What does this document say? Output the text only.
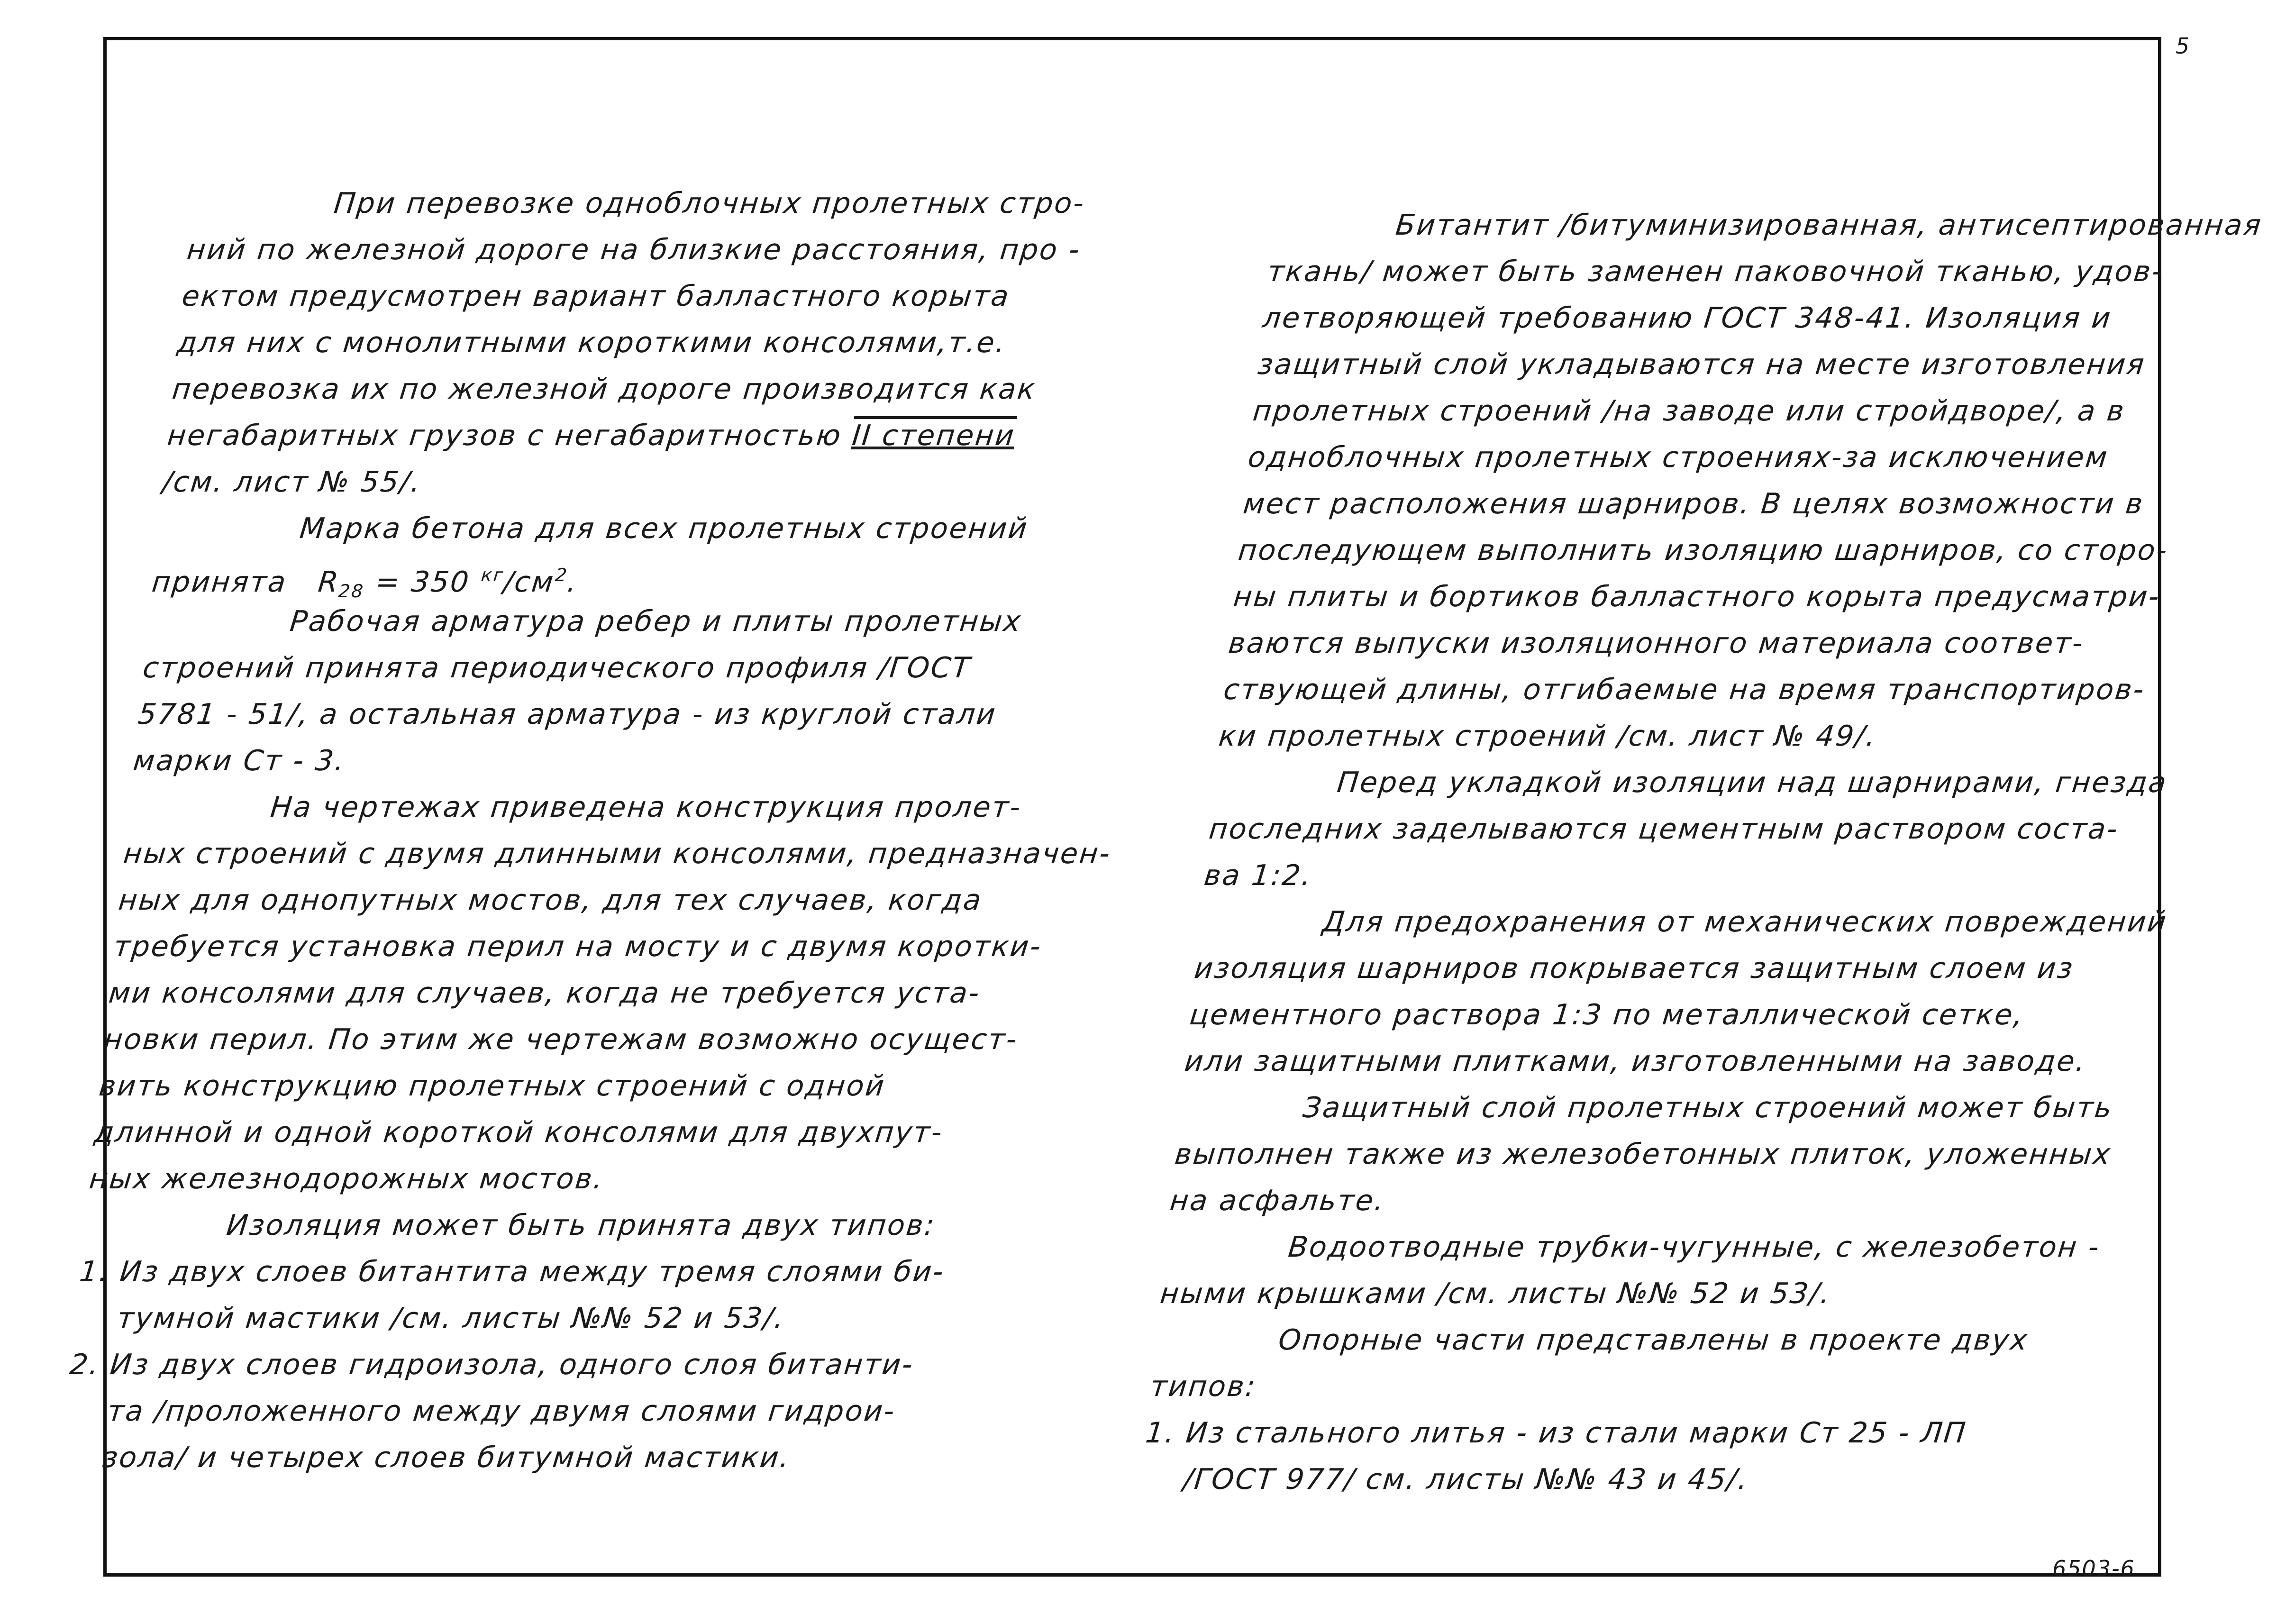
5
При перевозке одноблочных пролетных стро-
ний по железной дороге на близкие расстояния, про -
ектом предусмотрен вариант балластного корыта
для них с монолитными короткими консолями,т.е.
перевозка их по железной дороге производится как
негабаритных грузов с негабаритностью II степени
/см. лист № 55/.
Марка бетона для всех пролетных строений
принята $R_{28} = 350$ $^{кг}/см^2$.
Рабочая арматура ребер и плиты пролетных
строений принята периодического профиля /ГОСТ
5781 - 51/, а остальная арматура - из круглой стали
марки Ст - 3.
На чертежах приведена конструкция пролет-
ных строений с двумя длинными консолями, предназначен-
ных для однопутных мостов, для тех случаев, когда
требуется установка перил на мосту и с двумя коротки-
ми консолями для случаев, когда не требуется уста-
новки перил. По этим же чертежам возможно осущест-
вить конструкцию пролетных строений с одной
длинной и одной короткой консолями для двухпут-
ных железнодорожных мостов.
Изоляция может быть принята двух типов:
1. Из двух слоев битантита между тремя слоями би-
тумной мастики /см. листы №№ 52 и 53/.
2. Из двух слоев гидроизола, одного слоя битанти-
та /проложенного между двумя слоями гидрои-
зола/ и четырех слоев битумной мастики.
Битантит /битуминизированная, антисептированная
ткань/ может быть заменен паковочной тканью, удов-
летворяющей требованию ГОСТ 348-41. Изоляция и
защитный слой укладываются на месте изготовления
пролетных строений /на заводе или стройдворе/, а в
одноблочных пролетных строениях-за исключением
мест расположения шарниров. В целях возможности в
последующем выполнить изоляцию шарниров, со сторо-
ны плиты и бортиков балластного корыта предусматри-
ваются выпуски изоляционного материала соответ-
ствующей длины, отгибаемые на время транспортиров-
ки пролетных строений /см. лист № 49/.
Перед укладкой изоляции над шарнирами, гнезда
последних заделываются цементным раствором соста-
ва 1:2.
Для предохранения от механических повреждений
изоляция шарниров покрывается защитным слоем из
цементного раствора 1:3 по металлической сетке,
или защитными плитками, изготовленными на заводе.
Защитный слой пролетных строений может быть
выполнен также из железобетонных плиток, уложенных
на асфальте.
Водоотводные трубки-чугунные, с железобетон -
ными крышками /см. листы №№ 52 и 53/.
Опорные части представлены в проекте двух
типов:
1. Из стального литья - из стали марки Ст 25 - ЛП
/ГОСТ 977/ см. листы №№ 43 и 45/.
6503-6
